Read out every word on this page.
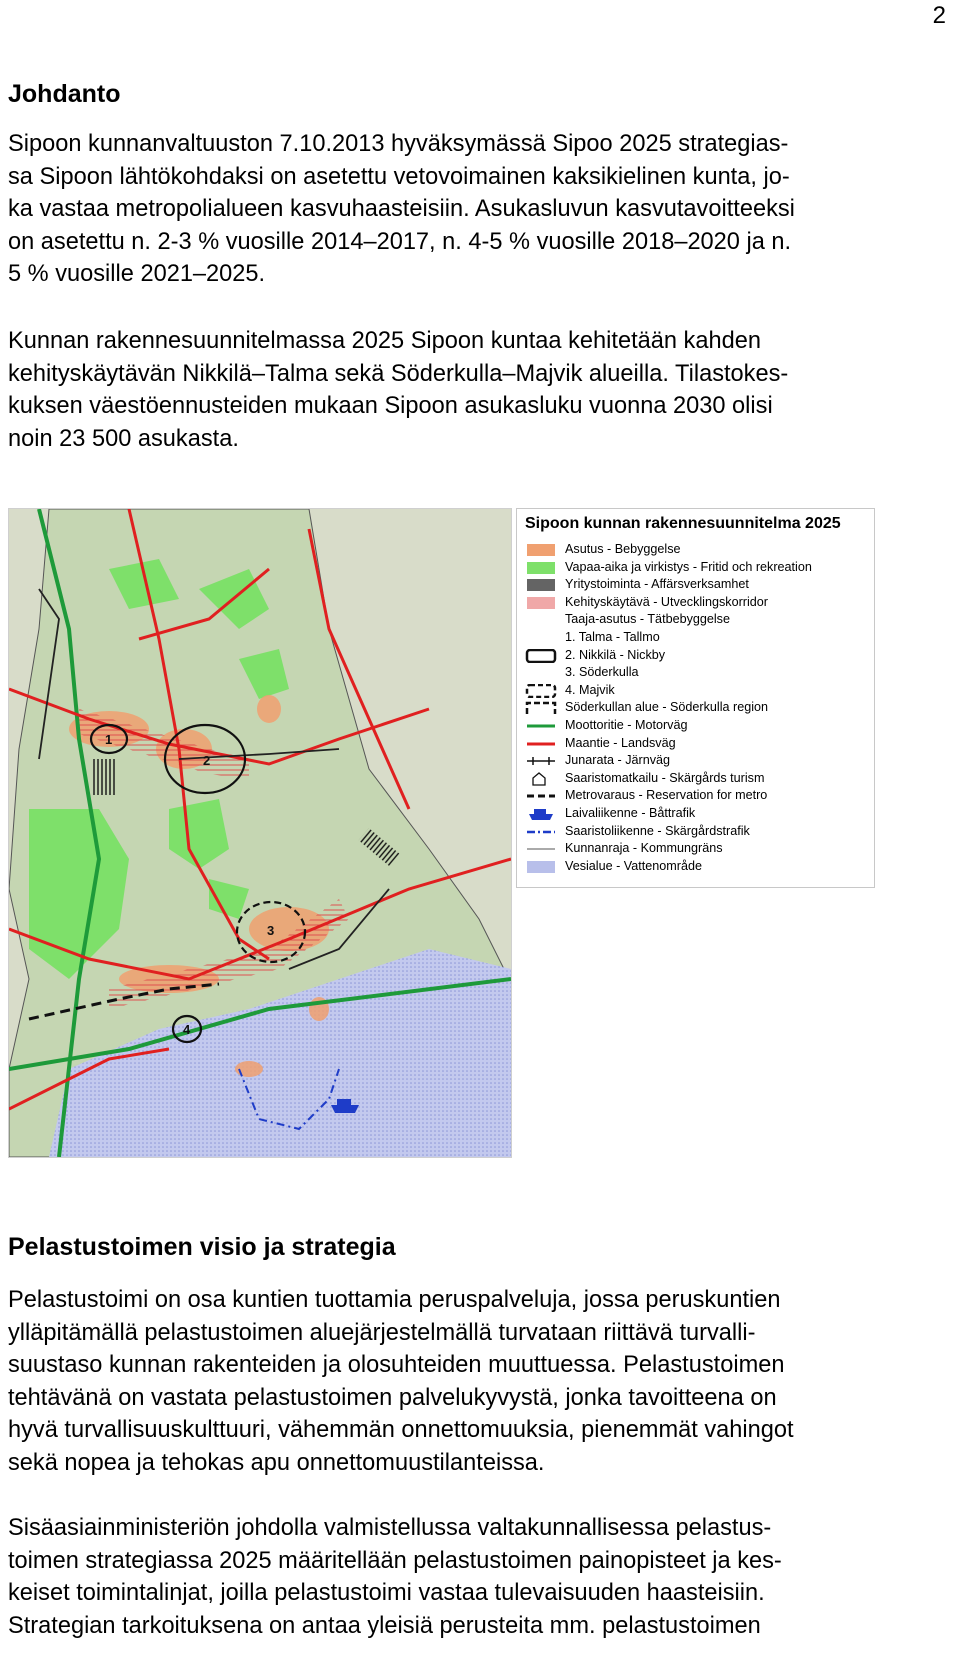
2
Johdanto

Sipoon kunnanvaltuuston 7.10.2013 hyväksymässä Sipoo 2025 strategias-
sa Sipoon lähtökohdaksi on asetettu vetovoimainen kaksikielinen kunta, jo-
ka vastaa metropolialueen kasvuhaasteisiin. Asukasluvun kasvutavoitteeksi
on asetettu n. 2-3 % vuosille 2014–2017, n. 4-5 % vuosille 2018–2020 ja n.
5 % vuosille 2021–2025.

Kunnan rakennesuunnitelmassa 2025 Sipoon kuntaa kehitetään kahden
kehityskäytävän Nikkilä–Talma sekä Söderkulla–Majvik alueilla. Tilastokes-
kuksen väestöennusteiden mukaan Sipoon asukasluku vuonna 2030 olisi
noin 23 500 asukasta.

1
2
3
4
Sipoon kunnan rakennesuunnitelma 2025
Asutus - Bebyggelse
Vapaa-aika ja virkistys - Fritid och rekreation
Yritystoiminta - Affärsverksamhet
Kehityskäytävä - Utvecklingskorridor
Taaja-asutus - Tätbebyggelse
1. Talma - Tallmo
2. Nikkilä - Nickby
3. Söderkulla
4. Majvik
Söderkullan alue - Söderkulla region
Moottoritie - Motorväg
Maantie - Landsväg
Junarata - Järnväg
Saaristomatkailu - Skärgårds turism
Metrovaraus - Reservation for metro
Laivaliikenne - Båttrafik
Saaristoliikenne - Skärgårdstrafik
Kunnanraja - Kommungräns
Vesialue - Vattenområde
Pelastustoimen visio ja strategia

Pelastustoimi on osa kuntien tuottamia peruspalveluja, jossa peruskuntien
ylläpitämällä pelastustoimen aluejärjestelmällä turvataan riittävä turvalli-
suustaso kunnan rakenteiden ja olosuhteiden muuttuessa. Pelastustoimen
tehtävänä on vastata pelastustoimen palvelukyvystä, jonka tavoitteena on
hyvä turvallisuuskulttuuri, vähemmän onnettomuuksia, pienemmät vahingot
sekä nopea ja tehokas apu onnettomuustilanteissa.

Sisäasiainministeriön johdolla valmistellussa valtakunnallisessa pelastus-
toimen strategiassa 2025 määritellään pelastustoimen painopisteet ja kes-
keiset toimintalinjat, joilla pelastustoimi vastaa tulevaisuuden haasteisiin.
Strategian tarkoituksena on antaa yleisiä perusteita mm. pelastustoimen
